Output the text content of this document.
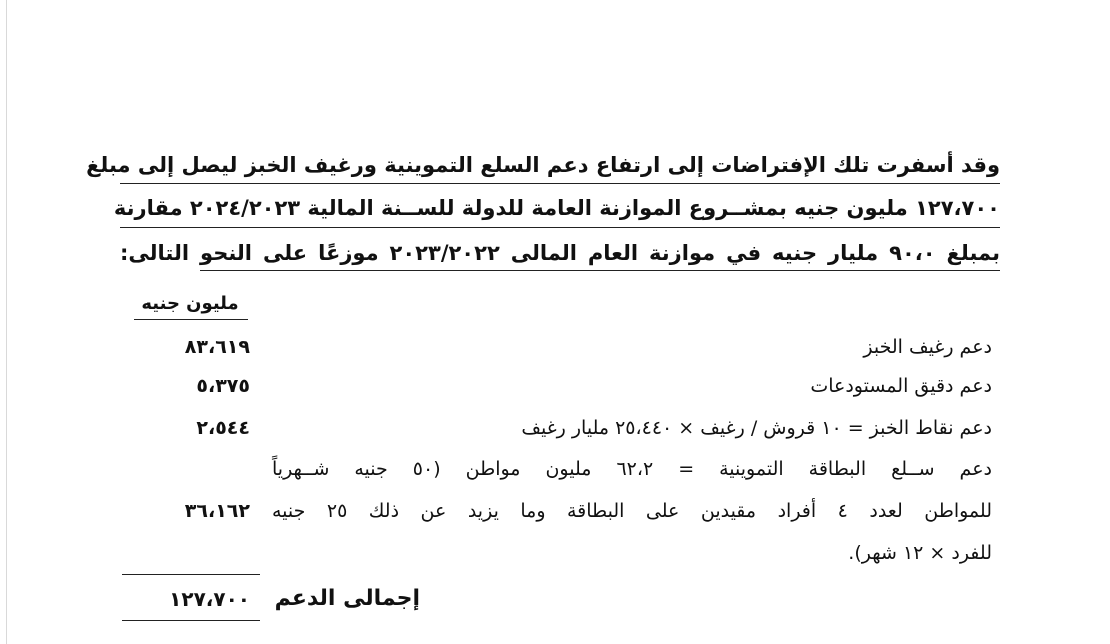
وقد أسفرت تلك الإفتراضات إلى ارتفاع دعم السلع التموينية ورغيف الخبز ليصل إلى مبلغ
١٢٧،٧٠٠ مليون جنيه بمشــروع الموازنة العامة للدولة للســنة المالية ٢٠٢٤/٢٠٢٣ مقارنة
بمبلغ ٩٠،٠ مليار جنيه في موازنة العام المالى ٢٠٢٣/٢٠٢٢ موزعًا على النحو التالى:
مليون جنيه
دعم رغيف الخبز
٨٣،٦١٩
دعم دقيق المستودعات
٥،٣٧٥
دعم نقاط الخبز = ١٠ قروش / رغيف × ٢٥،٤٤٠ مليار رغيف
٢،٥٤٤
دعم ســلع البطاقة التموينية = ٦٢،٢ مليون مواطن (٥٠ جنيه شــهرياً
للمواطن لعدد ٤ أفراد مقيدين على البطاقة وما يزيد عن ذلك ٢٥ جنيه
للفرد × ١٢ شهر).
٣٦،١٦٢
١٢٧،٧٠٠ إجمالى الدعم
